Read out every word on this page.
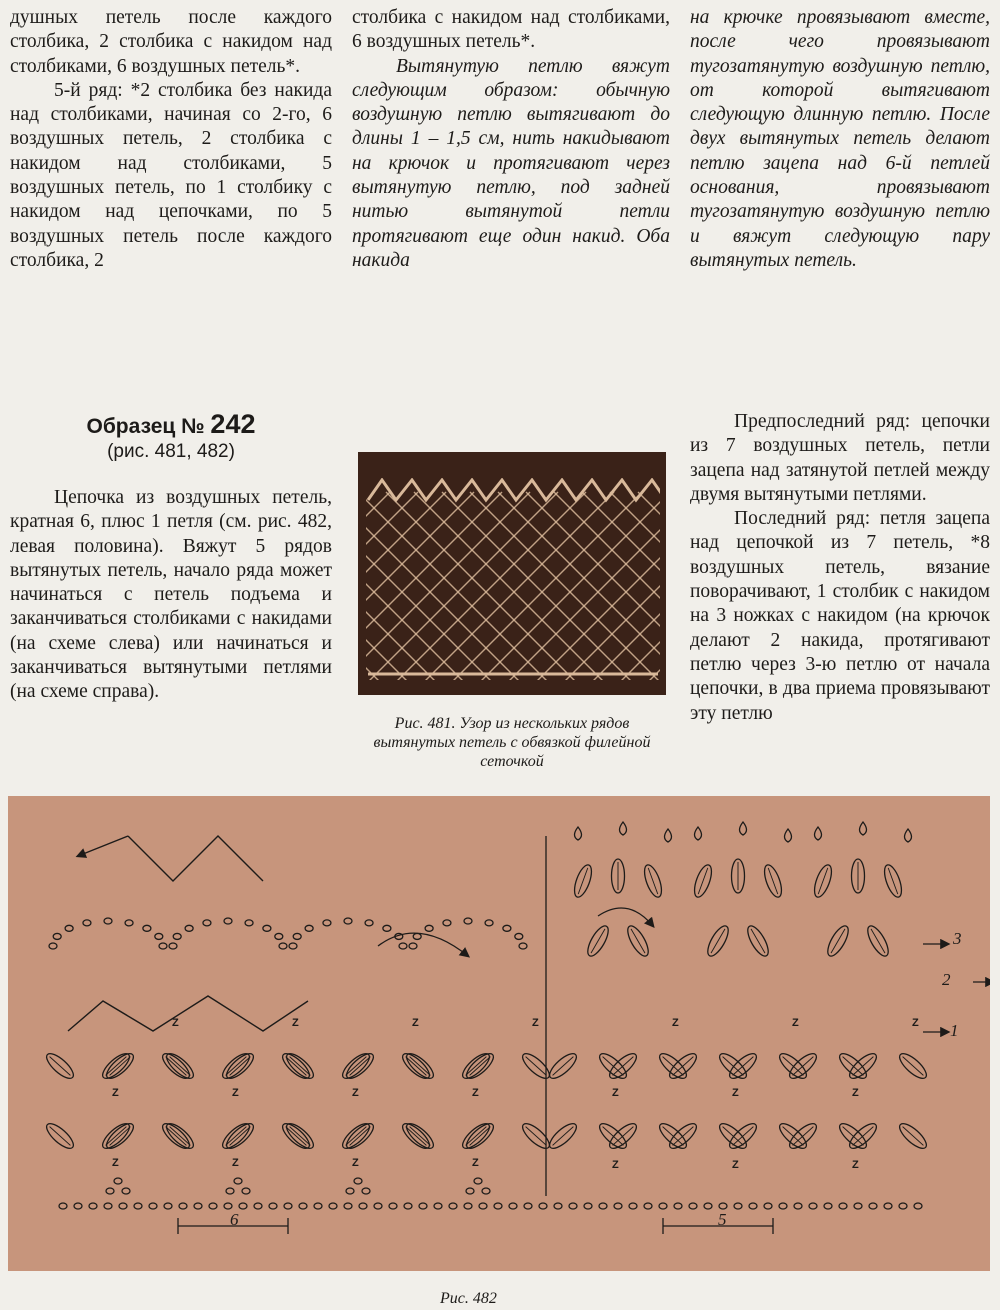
душных петель после каждого столбика, 2 столбика с накидом над столбиками, 6 воздушных петель*.

5-й ряд: *2 столбика без накида над столбиками, начиная со 2-го, 6 воздушных петель, 2 столбика с накидом над столбиками, 5 воздушных петель, по 1 столбику с накидом над цепочками, по 5 воздушных петель после каждого столбика, 2

столбика с накидом над столбиками, 6 воздушных петель*.

Вытянутую петлю вяжут следующим образом: обычную воздушную петлю вытягивают до длины 1 – 1,5 см, нить накидывают на крючок и протягивают через вытянутую петлю, под задней нитью вытянутой петли протягивают еще один накид. Оба накида

на крючке провязывают вместе, после чего провязывают тугозатянутую воздушную петлю, от которой вытягивают следующую длинную петлю. После двух вытянутых петель делают петлю зацепа над 6-й петлей основания, провязывают тугозатянутую воздушную петлю и вяжут следующую пару вытянутых петель.

Образец № 242
(рис. 481, 482)

Цепочка из воздушных петель, кратная 6, плюс 1 петля (см. рис. 482, левая половина). Вяжут 5 рядов вытянутых петель, начало ряда может начинаться с петель подъема и заканчиваться столбиками с накидами (на схеме слева) или начинаться и заканчиваться вытянутыми петлями (на схеме справа).

Предпоследний ряд: цепочки из 7 воздушных петель, петли зацепа над затянутой петлей между двумя вытянутыми петлями.

Последний ряд: петля зацепа над цепочкой из 7 петель, *8 воздушных петель, вязание поворачивают, 1 столбик с накидом на 3 ножках с накидом (на крючок делают 2 накида, протягивают петлю через 3-ю петлю от начала цепочки, в два приема провязывают эту петлю

Рис. 481. Узор из нескольких рядов вытянутых петель с обвязкой филейной сеточкой
Z
Z
Z
Z
Z
Z
Z
Z
Z
Z
Z
Z
Z
Z
Z
Z
Z
Z
Z
Z
Z
6	5
3
2
1
Рис. 482
